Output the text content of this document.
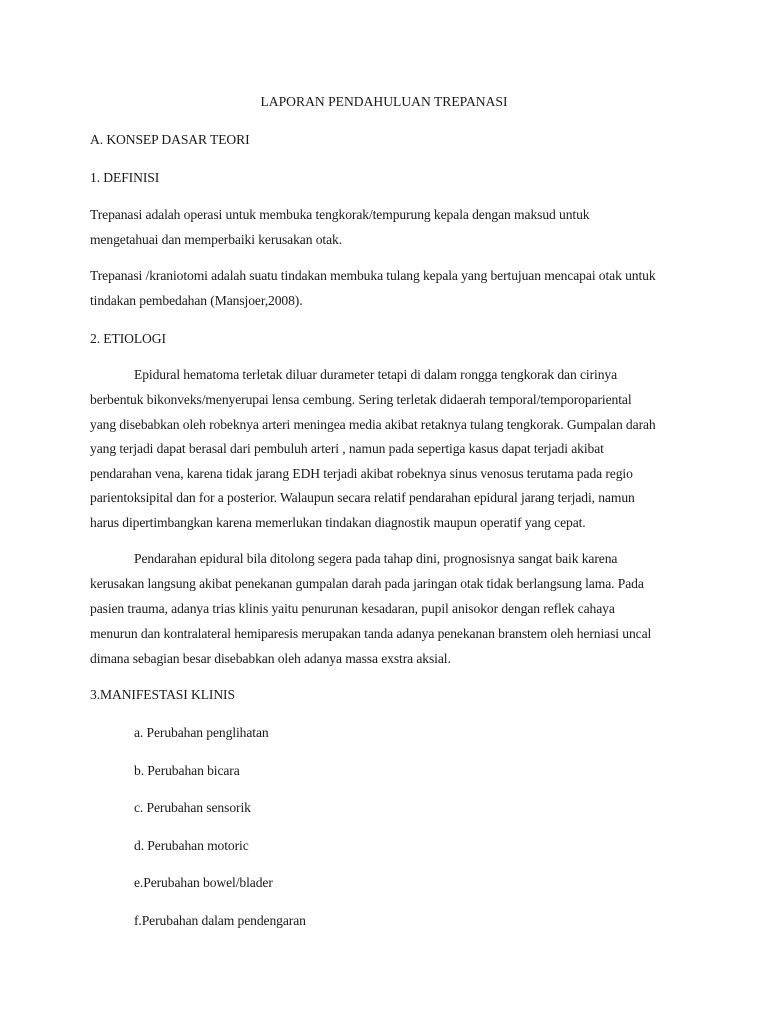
LAPORAN PENDAHULUAN TREPANASI
A. KONSEP DASAR TEORI
1. DEFINISI
Trepanasi adalah operasi untuk membuka tengkorak/tempurung kepala dengan maksud untuk
mengetahuai dan memperbaiki kerusakan otak.
Trepanasi /kraniotomi adalah suatu tindakan membuka tulang kepala yang bertujuan mencapai otak untuk
tindakan pembedahan (Mansjoer,2008).
2. ETIOLOGI
Epidural hematoma terletak diluar durameter tetapi di dalam rongga tengkorak dan cirinya
berbentuk bikonveks/menyerupai lensa cembung. Sering terletak didaerah temporal/temporopariental
yang disebabkan oleh robeknya arteri meningea media akibat retaknya tulang tengkorak. Gumpalan darah
yang terjadi dapat berasal dari pembuluh arteri , namun pada sepertiga kasus dapat terjadi akibat
pendarahan vena, karena tidak jarang EDH terjadi akibat robeknya sinus venosus terutama pada regio
parientoksipital dan for a posterior. Walaupun secara relatif pendarahan epidural jarang terjadi, namun
harus dipertimbangkan karena memerlukan tindakan diagnostik maupun operatif yang cepat.
Pendarahan epidural bila ditolong segera pada tahap dini, prognosisnya sangat baik karena
kerusakan langsung akibat penekanan gumpalan darah pada jaringan otak tidak berlangsung lama. Pada
pasien trauma, adanya trias klinis yaitu penurunan kesadaran, pupil anisokor dengan reflek cahaya
menurun dan kontralateral hemiparesis merupakan tanda adanya penekanan branstem oleh herniasi uncal
dimana sebagian besar disebabkan oleh adanya massa exstra aksial.
3.MANIFESTASI KLINIS
a. Perubahan penglihatan
b. Perubahan bicara
c. Perubahan sensorik
d. Perubahan motoric
e.Perubahan bowel/blader
f.Perubahan dalam pendengaran
